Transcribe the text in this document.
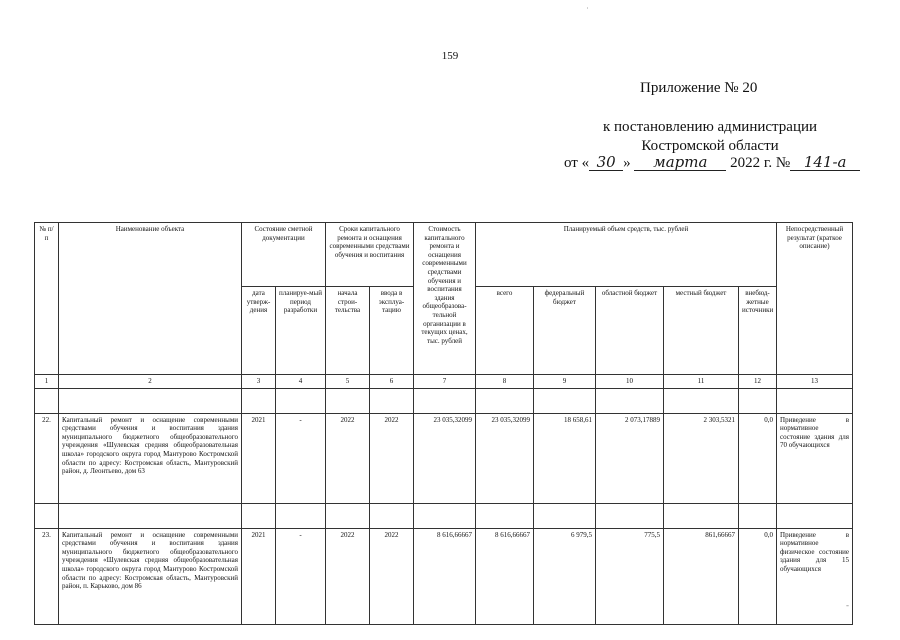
159
Приложение № 20
к постановлению администрации
Костромской области
от « 30 » марта 2022 г. № 141-а
№ п/п	Наименование объекта	Состояние сметной документации		Сроки капитального ремонта и оснащения современными средствами обучения и воспитания		Стоимость капитального ремонта и оснащения современными средствами обучения и воспитания здания общеобразова-тельной организации в текущих ценах, тыс. рублей	Планируемый объем средств, тыс. рублей					Непосредственный результат (краткое описание)
		дата утверж-дения	планируе-мый период разработки	начала строи-тельства	ввода в эксплуа-тацию		всего	федеральный бюджет	областной бюджет	местный бюджет	внебюд-жетные источники	
1	2	3	4	5	6	7	8	9	10	11	12	13

22.	Капитальный ремонт и оснащение современными средствами обучения и воспитания здания муниципального бюджетного общеобразовательного учреждения «Шулевская средняя общеобразовательная школа» городского округа город Мантурово Костромской области по адресу: Костромская область, Мантуровский район, д. Леонтьево, дом 63	2021	-	2022	2022	23 035,32099	23 035,32099	18 658,61	2 073,17889	2 303,5321	0,0	Приведение в нормативное состояние здания для 70 обучающихся

23.	Капитальный ремонт и оснащение современными средствами обучения и воспитания здания муниципального бюджетного общеобразовательного учреждения «Шулевская средняя общеобразовательная школа» городского округа город Мантурово Костромской области по адресу: Костромская область, Мантуровский район, п. Карьково, дом 86	2021	-	2022	2022	8 616,66667	8 616,66667	6 979,5	775,5	861,66667	0,0	Приведение в нормативное физическое состояние здания для 15 обучающихся
˙
-
